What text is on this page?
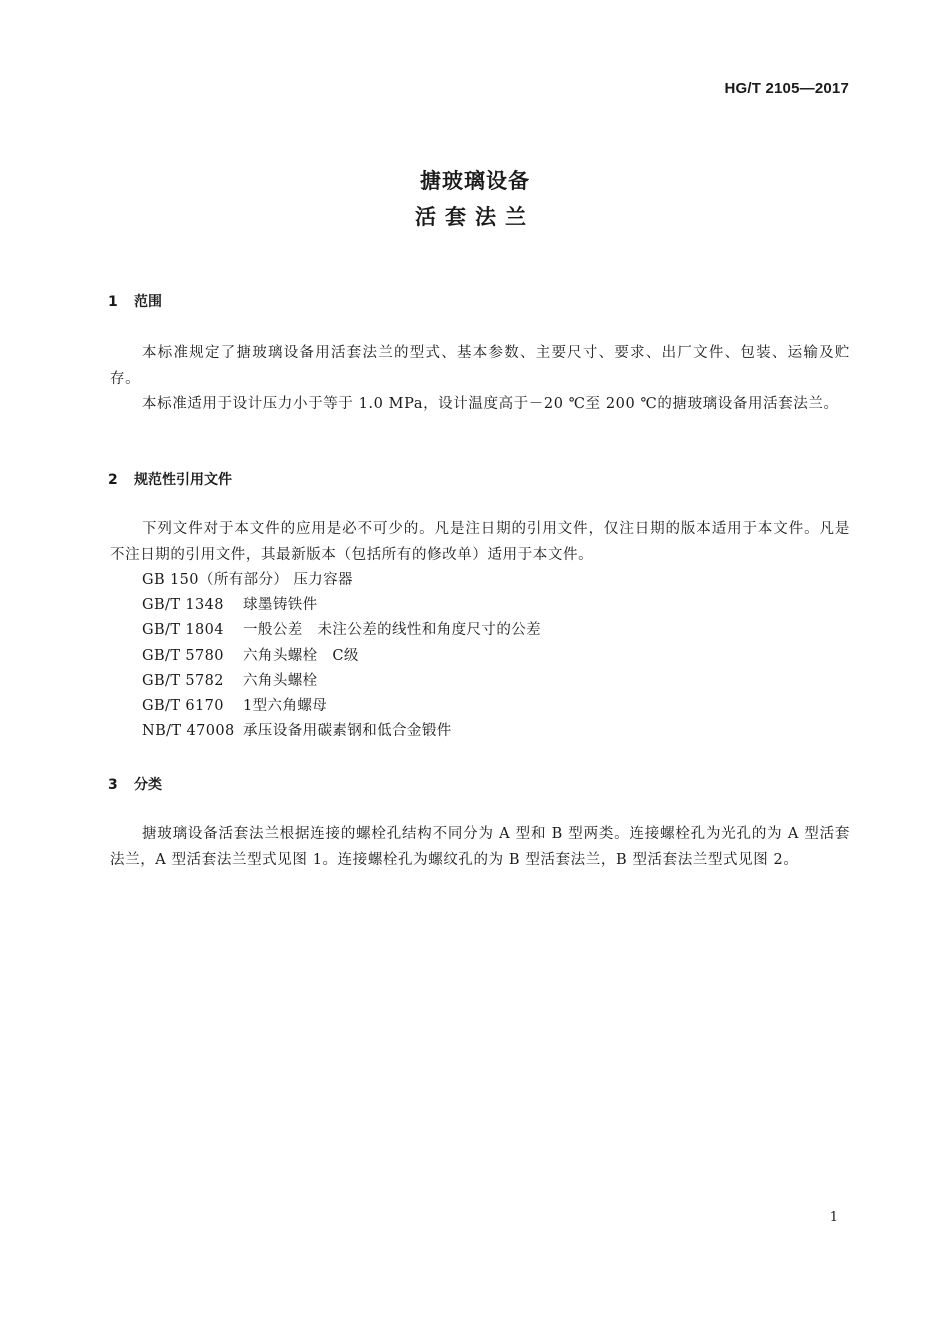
HG/T 2105—2017
搪玻璃设备
活套法兰
1 范围
本标准规定了搪玻璃设备用活套法兰的型式、基本参数、主要尺寸、要求、出厂文件、包装、运输及贮存。
本标准适用于设计压力小于等于 1.0 MPa，设计温度高于－20 ℃至 200 ℃的搪玻璃设备用活套法兰。
2 规范性引用文件
下列文件对于本文件的应用是必不可少的。凡是注日期的引用文件，仅注日期的版本适用于本文件。凡是不注日期的引用文件，其最新版本（包括所有的修改单）适用于本文件。
GB 150（所有部分） 压力容器
GB/T 1348 球墨铸铁件
GB/T 1804 一般公差　未注公差的线性和角度尺寸的公差
GB/T 5780 六角头螺栓　C级
GB/T 5782 六角头螺栓
GB/T 6170 1型六角螺母
NB/T 47008 承压设备用碳素钢和低合金锻件
3 分类
搪玻璃设备活套法兰根据连接的螺栓孔结构不同分为 A 型和 B 型两类。连接螺栓孔为光孔的为 A 型活套法兰，A 型活套法兰型式见图 1。连接螺栓孔为螺纹孔的为 B 型活套法兰，B 型活套法兰型式见图 2。
1
